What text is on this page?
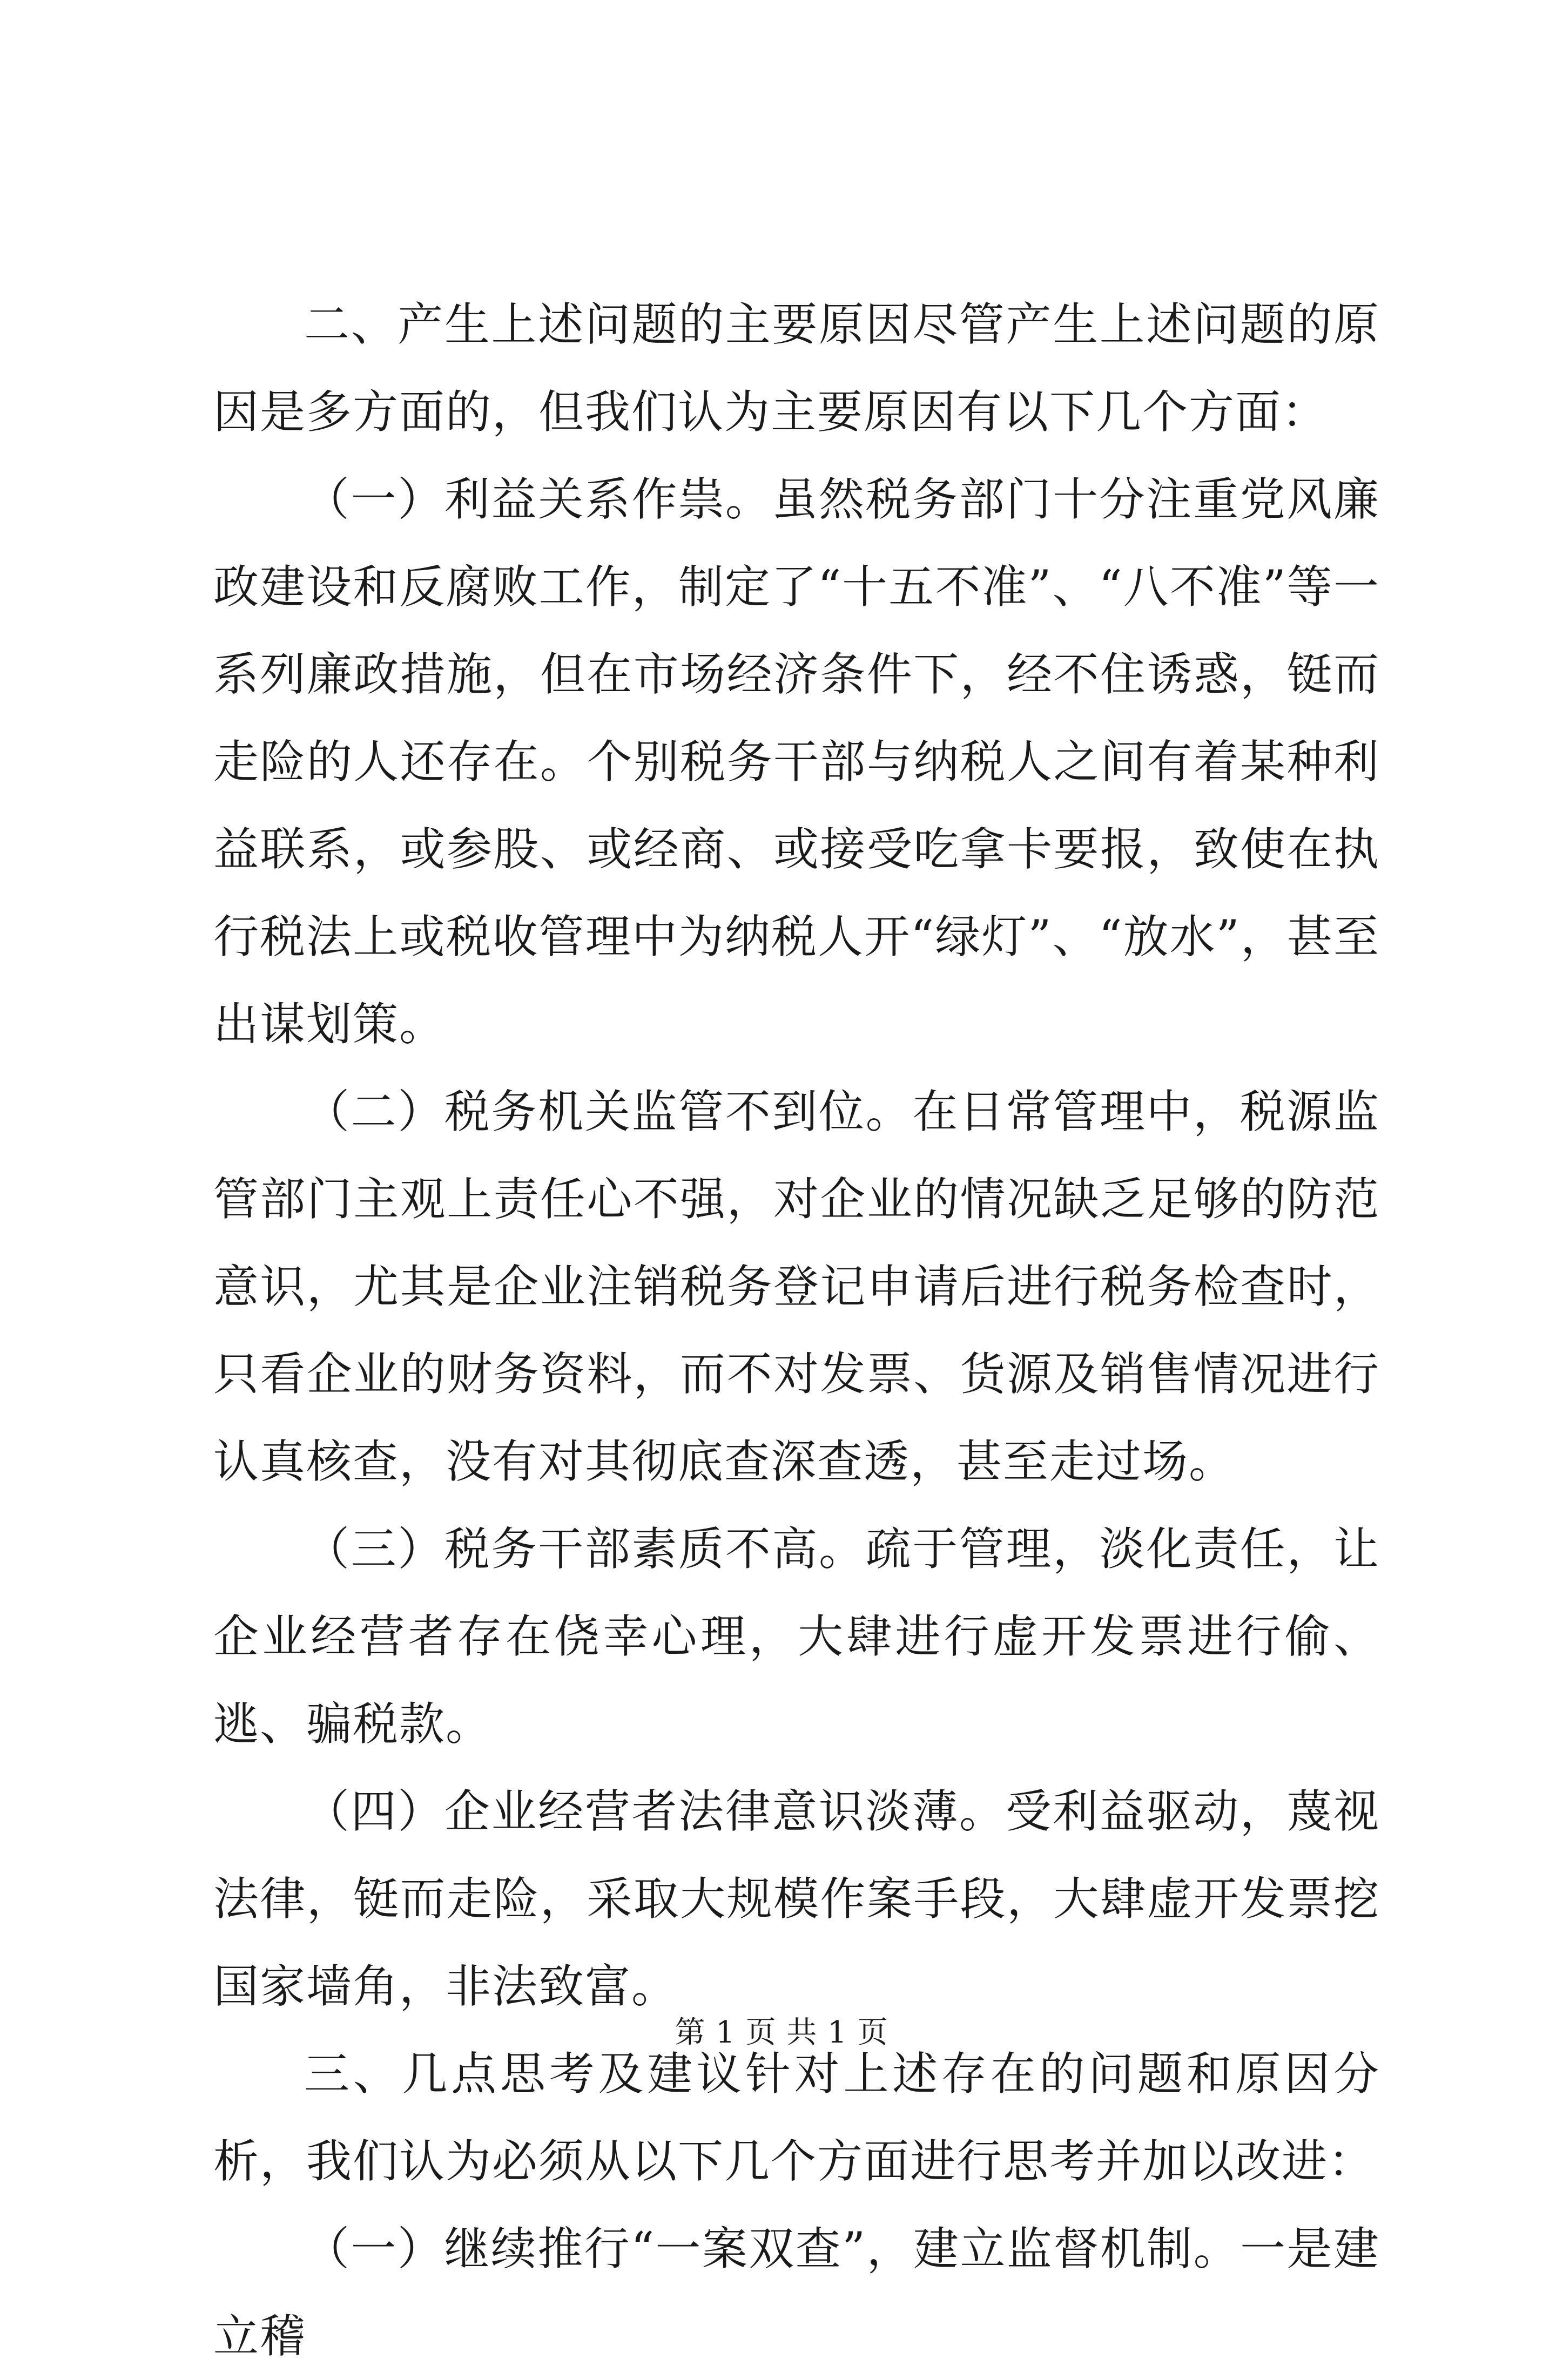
二、产生上述问题的主要原因尽管产生上述问题的原因是多方面的，但我们认为主要原因有以下几个方面：

（一）利益关系作祟。虽然税务部门十分注重党风廉政建设和反腐败工作，制定了“十五不准”、“八不准”等一系列廉政措施，但在市场经济条件下，经不住诱惑，铤而走险的人还存在。个别税务干部与纳税人之间有着某种利益联系，或参股、或经商、或接受吃拿卡要报，致使在执行税法上或税收管理中为纳税人开“绿灯”、“放水”，甚至出谋划策。

（二）税务机关监管不到位。在日常管理中，税源监管部门主观上责任心不强，对企业的情况缺乏足够的防范意识，尤其是企业注销税务登记申请后进行税务检查时，只看企业的财务资料，而不对发票、货源及销售情况进行认真核查，没有对其彻底查深查透，甚至走过场。

（三）税务干部素质不高。疏于管理，淡化责任，让企业经营者存在侥幸心理，大肆进行虚开发票进行偷、逃、骗税款。

（四）企业经营者法律意识淡薄。受利益驱动，蔑视法律，铤而走险，采取大规模作案手段，大肆虚开发票挖国家墙角，非法致富。

三、几点思考及建议针对上述存在的问题和原因分析，我们认为必须从以下几个方面进行思考并加以改进：

（一）继续推行“一案双查”，建立监督机制。一是建立稽

第 1 页 共 1 页
